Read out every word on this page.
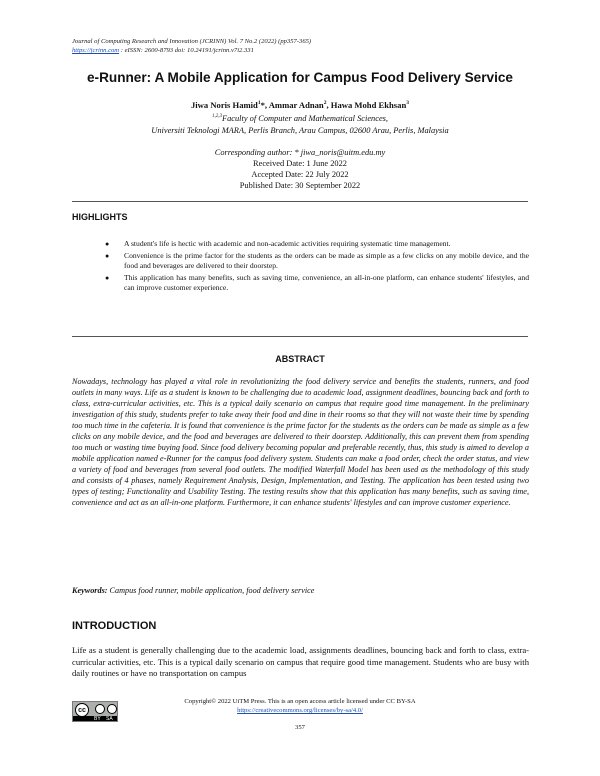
Journal of Computing Research and Innovation (JCRINN) Vol. 7 No.2 (2022) (pp357-365)
https://jcrinn.com : eISSN: 2600-8793 doi: 10.24191/jcrinn.v7i2.331
e-Runner: A Mobile Application for Campus Food Delivery Service
Jiwa Noris Hamid$^1$*, Ammar Adnan$^2$, Hawa Mohd Ekhsan$^3$
$^{1,2,3}$Faculty of Computer and Mathematical Sciences,
Universiti Teknologi MARA, Perlis Branch, Arau Campus, 02600 Arau, Perlis, Malaysia
Corresponding author: * jiwa_noris@uitm.edu.my
Received Date: 1 June 2022
Accepted Date: 22 July 2022
Published Date: 30 September 2022
HIGHLIGHTS
● A student's life is hectic with academic and non-academic activities requiring systematic time management.
● Convenience is the prime factor for the students as the orders can be made as simple as a few clicks on any mobile device, and the food and beverages are delivered to their doorstep.
● This application has many benefits, such as saving time, convenience, an all-in-one platform, can enhance students' lifestyles, and can improve customer experience.
ABSTRACT
Nowadays, technology has played a vital role in revolutionizing the food delivery service and benefits the students, runners, and food outlets in many ways. Life as a student is known to be challenging due to academic load, assignment deadlines, bouncing back and forth to class, extra-curricular activities, etc. This is a typical daily scenario on campus that require good time management. In the preliminary investigation of this study, students prefer to take away their food and dine in their rooms so that they will not waste their time by spending too much time in the cafeteria. It is found that convenience is the prime factor for the students as the orders can be made as simple as a few clicks on any mobile device, and the food and beverages are delivered to their doorstep. Additionally, this can prevent them from spending too much or wasting time buying food. Since food delivery becoming popular and preferable recently, thus, this study is aimed to develop a mobile application named e-Runner for the campus food delivery system. Students can make a food order, check the order status, and view a variety of food and beverages from several food outlets. The modified Waterfall Model has been used as the methodology of this study and consists of 4 phases, namely Requirement Analysis, Design, Implementation, and Testing. The application has been tested using two types of testing; Functionality and Usability Testing. The testing results show that this application has many benefits, such as saving time, convenience and act as an all-in-one platform. Furthermore, it can enhance students' lifestyles and can improve customer experience.
Keywords: Campus food runner, mobile application, food delivery service
INTRODUCTION
Life as a student is generally challenging due to the academic load, assignments deadlines, bouncing back and forth to class, extra-curricular activities, etc. This is a typical daily scenario on campus that require good time management. Students who are busy with daily routines or have no transportation on campus
cc
BY SA
Copyright© 2022 UiTM Press. This is an open access article licensed under CC BY-SA
https://creativecommons.org/licenses/by-sa/4.0/
357
